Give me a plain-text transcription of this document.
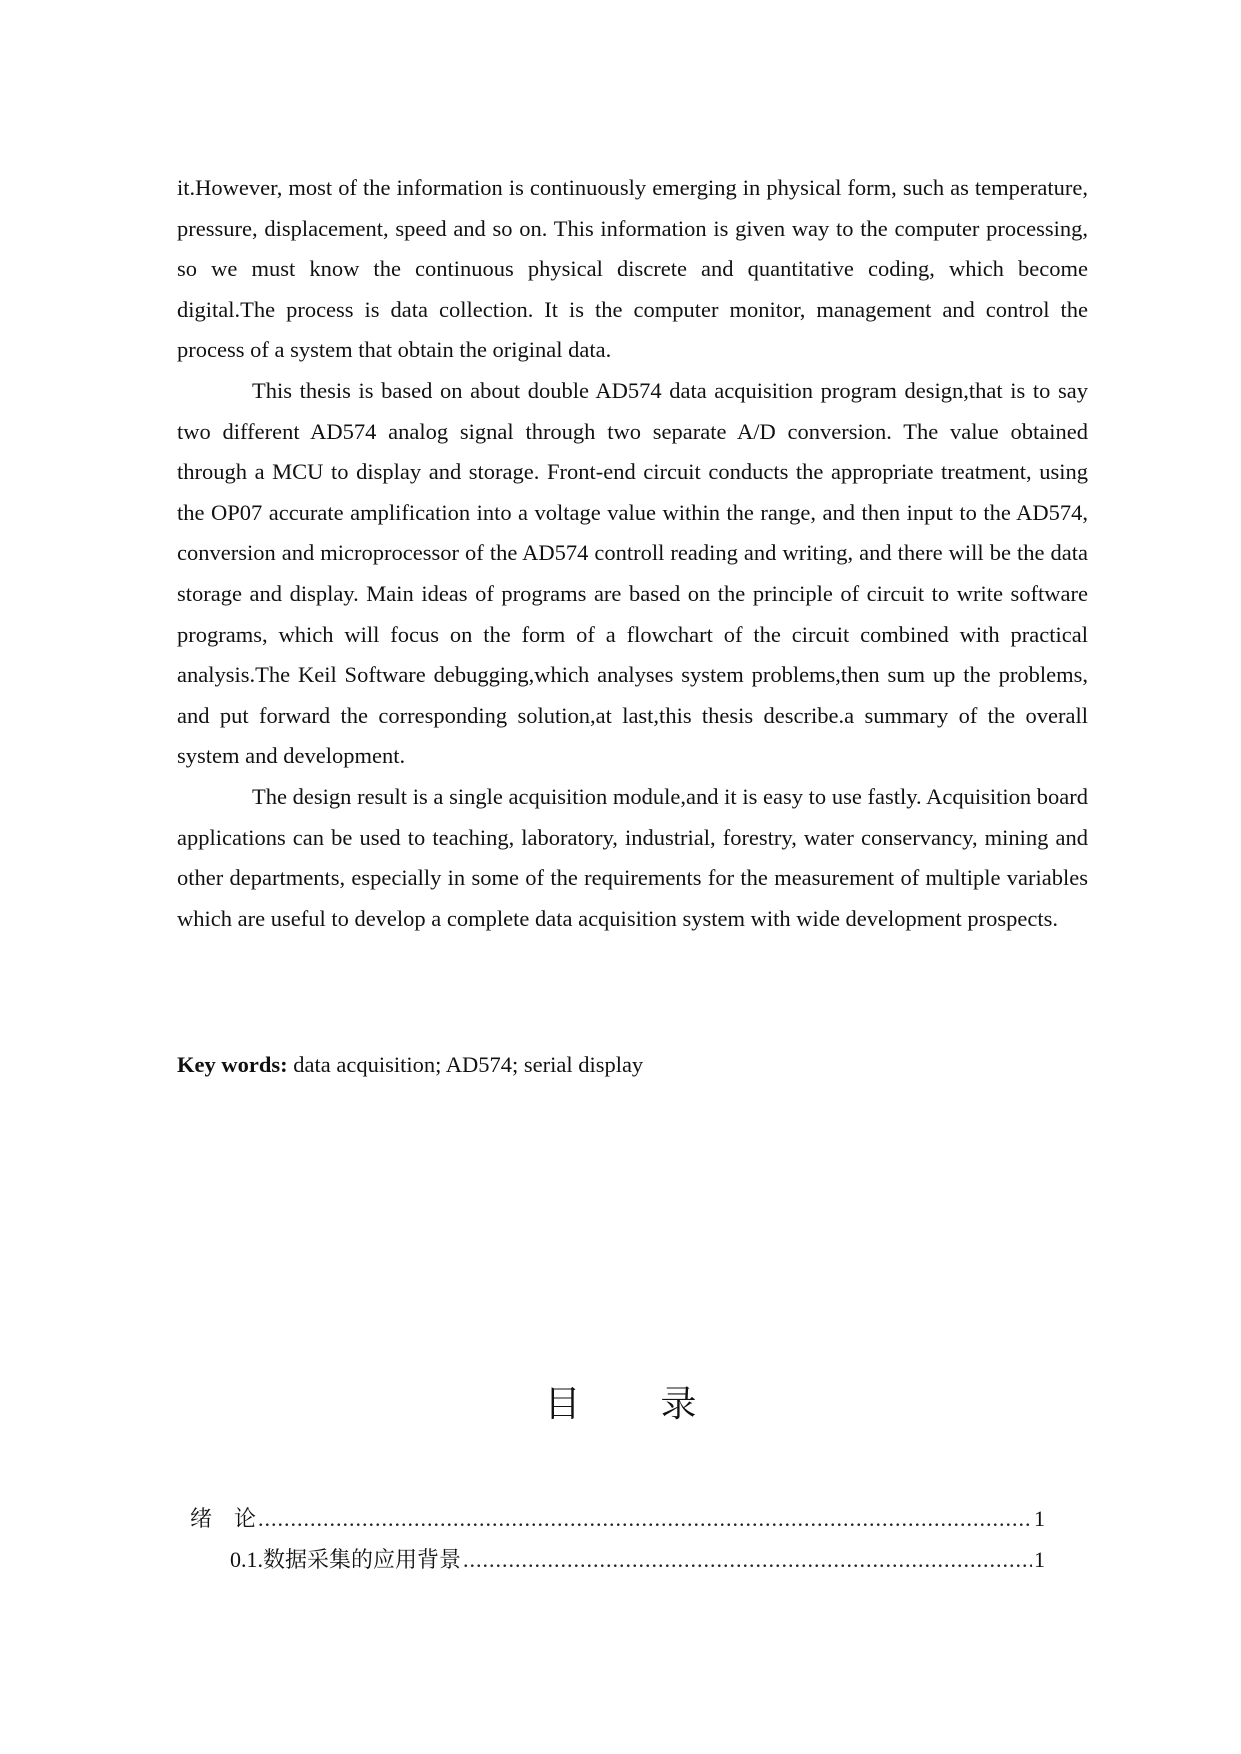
it.However, most of the information is continuously emerging in physical form, such as temperature, pressure, displacement, speed and so on. This information is given way to the computer processing, so we must know the continuous physical discrete and quantitative coding, which become digital.The process is data collection. It is the computer monitor, management and control the process of a system that obtain the original data.

This thesis is based on about double AD574 data acquisition program design,that is to say two different AD574 analog signal through two separate A/D conversion. The value obtained through a MCU to display and storage. Front-end circuit conducts the appropriate treatment, using the OP07 accurate amplification into a voltage value within the range, and then input to the AD574, conversion and microprocessor of the AD574 controll reading and writing, and there will be the data storage and display. Main ideas of programs are based on the principle of circuit to write software programs, which will focus on the form of a flowchart of the circuit combined with practical analysis.The Keil Software debugging,which analyses system problems,then sum up the problems, and put forward the corresponding solution,at last,this thesis describe.a summary of the overall system and development.

The design result is a single acquisition module,and it is easy to use fastly. Acquisition board applications can be used to teaching, laboratory, industrial, forestry, water conservancy, mining and other departments, especially in some of the requirements for the measurement of multiple variables which are useful to develop a complete data acquisition system with wide development prospects.

Key words: data acquisition; AD574; serial display
目 录
绪　论 .....	1
0.1.数据采集的应用背景 .....	1
